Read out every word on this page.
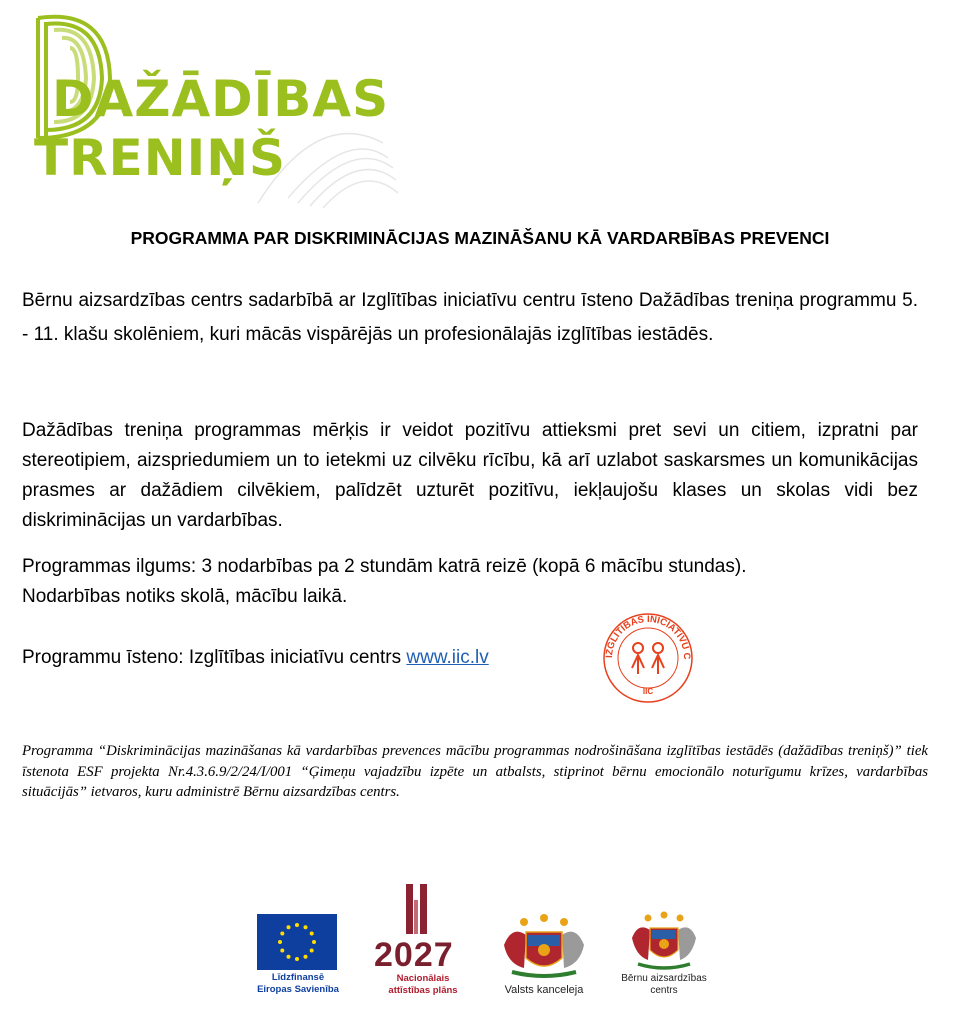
DAŽĀDĪBAS
TRENIŅŠ
PROGRAMMA PAR DISKRIMINĀCIJAS MAZINĀŠANU KĀ VARDARBĪBAS PREVENCI
Bērnu aizsardzības centrs sadarbībā ar Izglītības iniciatīvu centru īsteno Dažādības treniņa programmu 5. - 11. klašu skolēniem, kuri mācās vispārējās un profesionālajās izglītības iestādēs.
Dažādības treniņa programmas mērķis ir veidot pozitīvu attieksmi pret sevi un citiem, izpratni par stereotipiem, aizspriedumiem un to ietekmi uz cilvēku rīcību, kā arī uzlabot saskarsmes un komunikācijas prasmes ar dažādiem cilvēkiem, palīdzēt uzturēt pozitīvu, iekļaujošu klases un skolas vidi bez diskriminācijas un vardarbības.
Programmas ilgums: 3 nodarbības pa 2 stundām katrā reizē (kopā 6 mācību stundas).
Nodarbības notiks skolā, mācību laikā.
Programmu īsteno: Izglītības iniciatīvu centrs www.iic.lv	IZGLĪTĪBAS INICIATĪVU C
IIC
Programma “Diskriminācijas mazināšanas kā vardarbības prevences mācību programmas nodrošināšana izglītības iestādēs (dažādības treniņš)” tiek īstenota ESF projekta Nr.4.3.6.9/2/24/I/001 “Ģimeņu vajadzību izpēte un atbalsts, stiprinot bērnu emocionālo noturīgumu krīzes, vardarbības situācijās” ietvaros, kuru administrē Bērnu aizsardzības centrs.
Līdzfinansē
Eiropas Savienība
2027
Nacionālais
attīstības plāns	Valsts kanceleja
Bērnu aizsardzības
centrs
